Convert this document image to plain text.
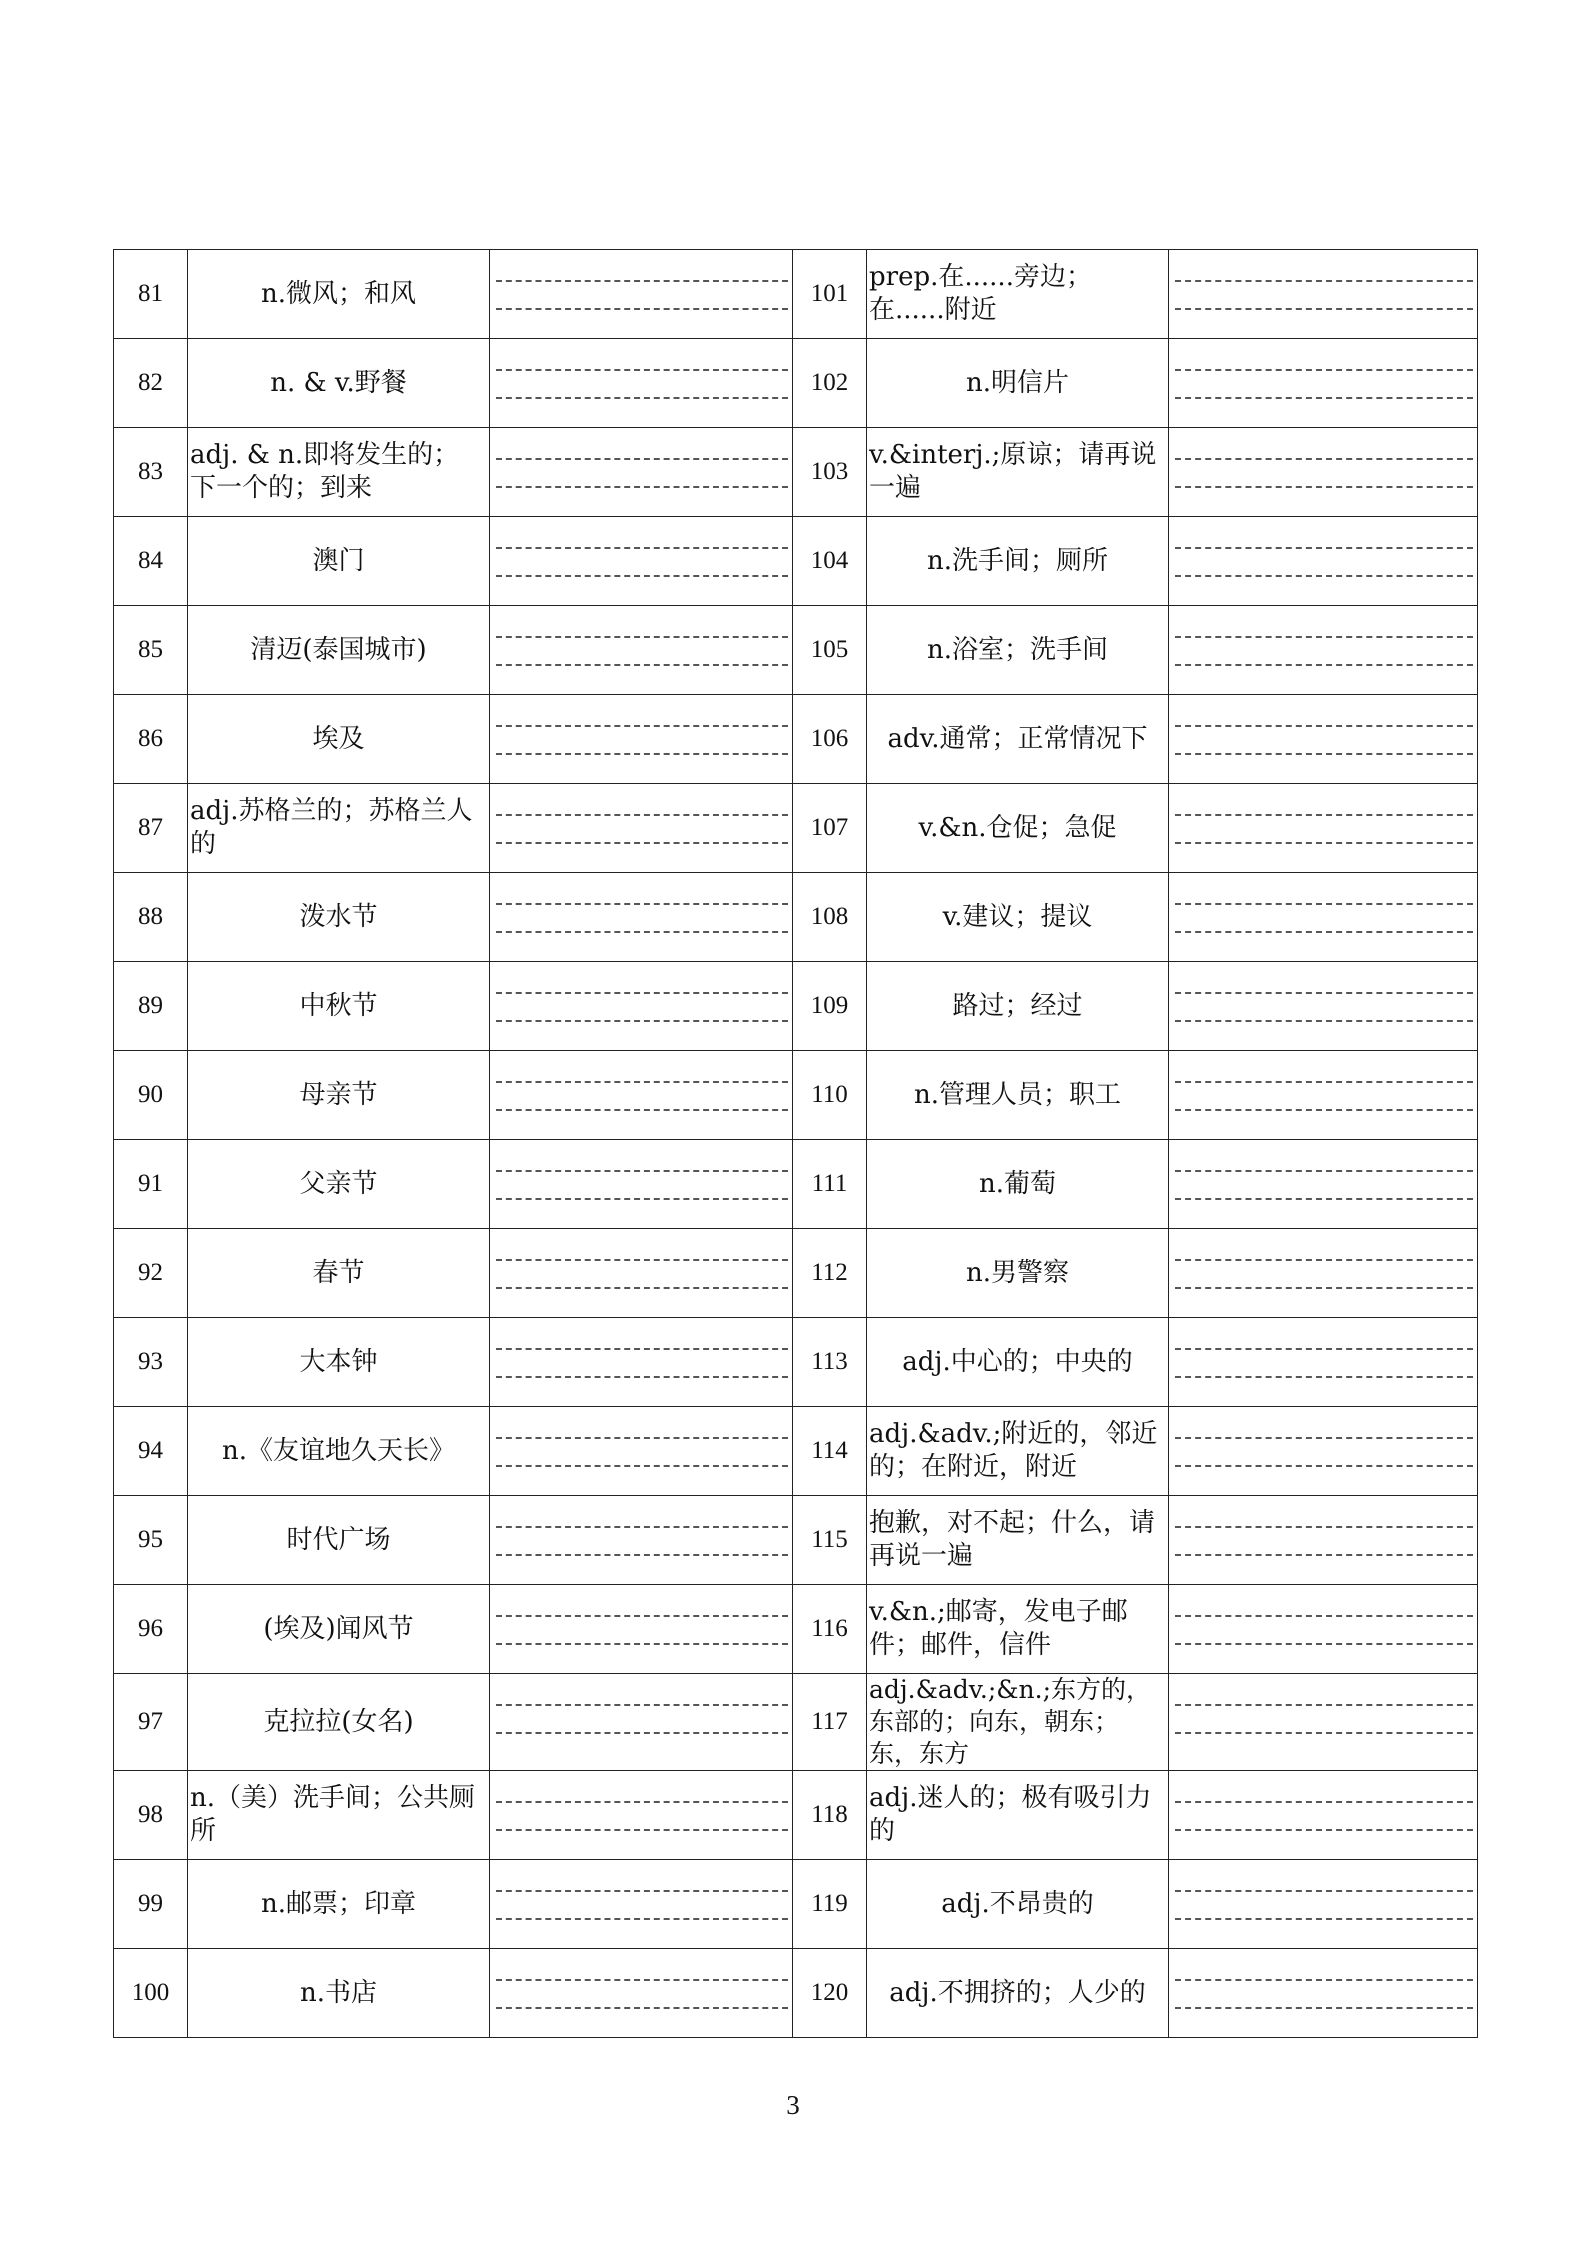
81	n.微风；和风		101	prep.在......旁边；在......附近	

82	n. & v.野餐		102	n.明信片	

83	adj. & n.即将发生的；下一个的；到来		103	v.&interj.;原谅；请再说一遍	

84	澳门		104	n.洗手间；厕所	

85	清迈(泰国城市)		105	n.浴室；洗手间	

86	埃及		106	adv.通常；正常情况下	

87	adj.苏格兰的；苏格兰人的		107	v.&n.仓促；急促	

88	泼水节		108	v.建议；提议	

89	中秋节		109	路过；经过	

90	母亲节		110	n.管理人员；职工	

91	父亲节		111	n.葡萄	

92	春节		112	n.男警察	

93	大本钟		113	adj.中心的；中央的	

94	n.《友谊地久天长》		114	adj.&adv.;附近的，邻近的；在附近，附近	

95	时代广场		115	抱歉，对不起；什么，请再说一遍	

96	(埃及)闻风节		116	v.&n.;邮寄，发电子邮件；邮件，信件	

97	克拉拉(女名)		117	adj.&adv.;&n.;东方的，东部的；向东，朝东；东，东方	

98	n.（美）洗手间；公共厕所		118	adj.迷人的；极有吸引力的	

99	n.邮票；印章		119	adj.不昂贵的	

100	n.书店		120	adj.不拥挤的；人少的	
3
